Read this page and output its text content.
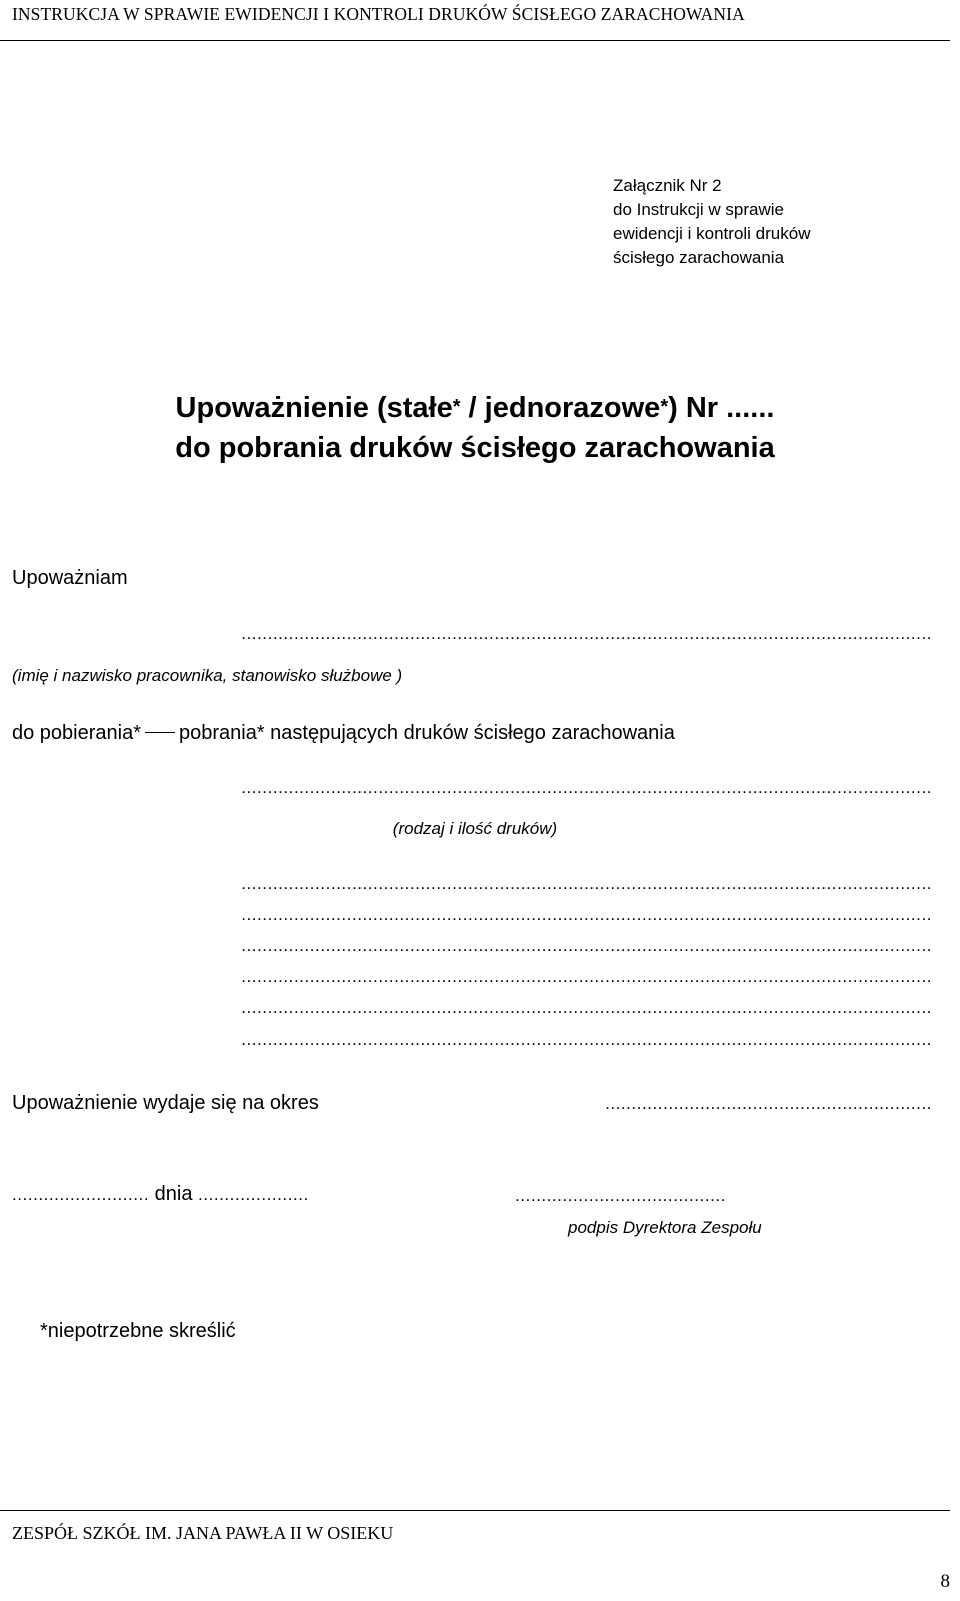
INSTRUKCJA W SPRAWIE EWIDENCJI I KONTROLI DRUKÓW ŚCISŁEGO ZARACHOWANIA
Załącznik Nr 2
do Instrukcji w sprawie
ewidencji i kontroli druków
ścisłego zarachowania
Upoważnienie (stałe* / jednorazowe*) Nr ......
do pobrania druków ścisłego zarachowania
Upoważniam
...................................................................................................................................
(imię i nazwisko pracownika, stanowisko służbowe )
do pobierania* pobrania* następujących druków ścisłego zarachowania
...................................................................................................................................
(rodzaj i ilość druków)
...................................................................................................................................
...................................................................................................................................
...................................................................................................................................
...................................................................................................................................
...................................................................................................................................
...................................................................................................................................
Upoważnienie wydaje się na okres	..............................................................
.......................... dnia .....................	........................................
podpis Dyrektora Zespołu
*niepotrzebne skreślić
ZESPÓŁ SZKÓŁ IM. JANA PAWŁA II W OSIEKU
8
